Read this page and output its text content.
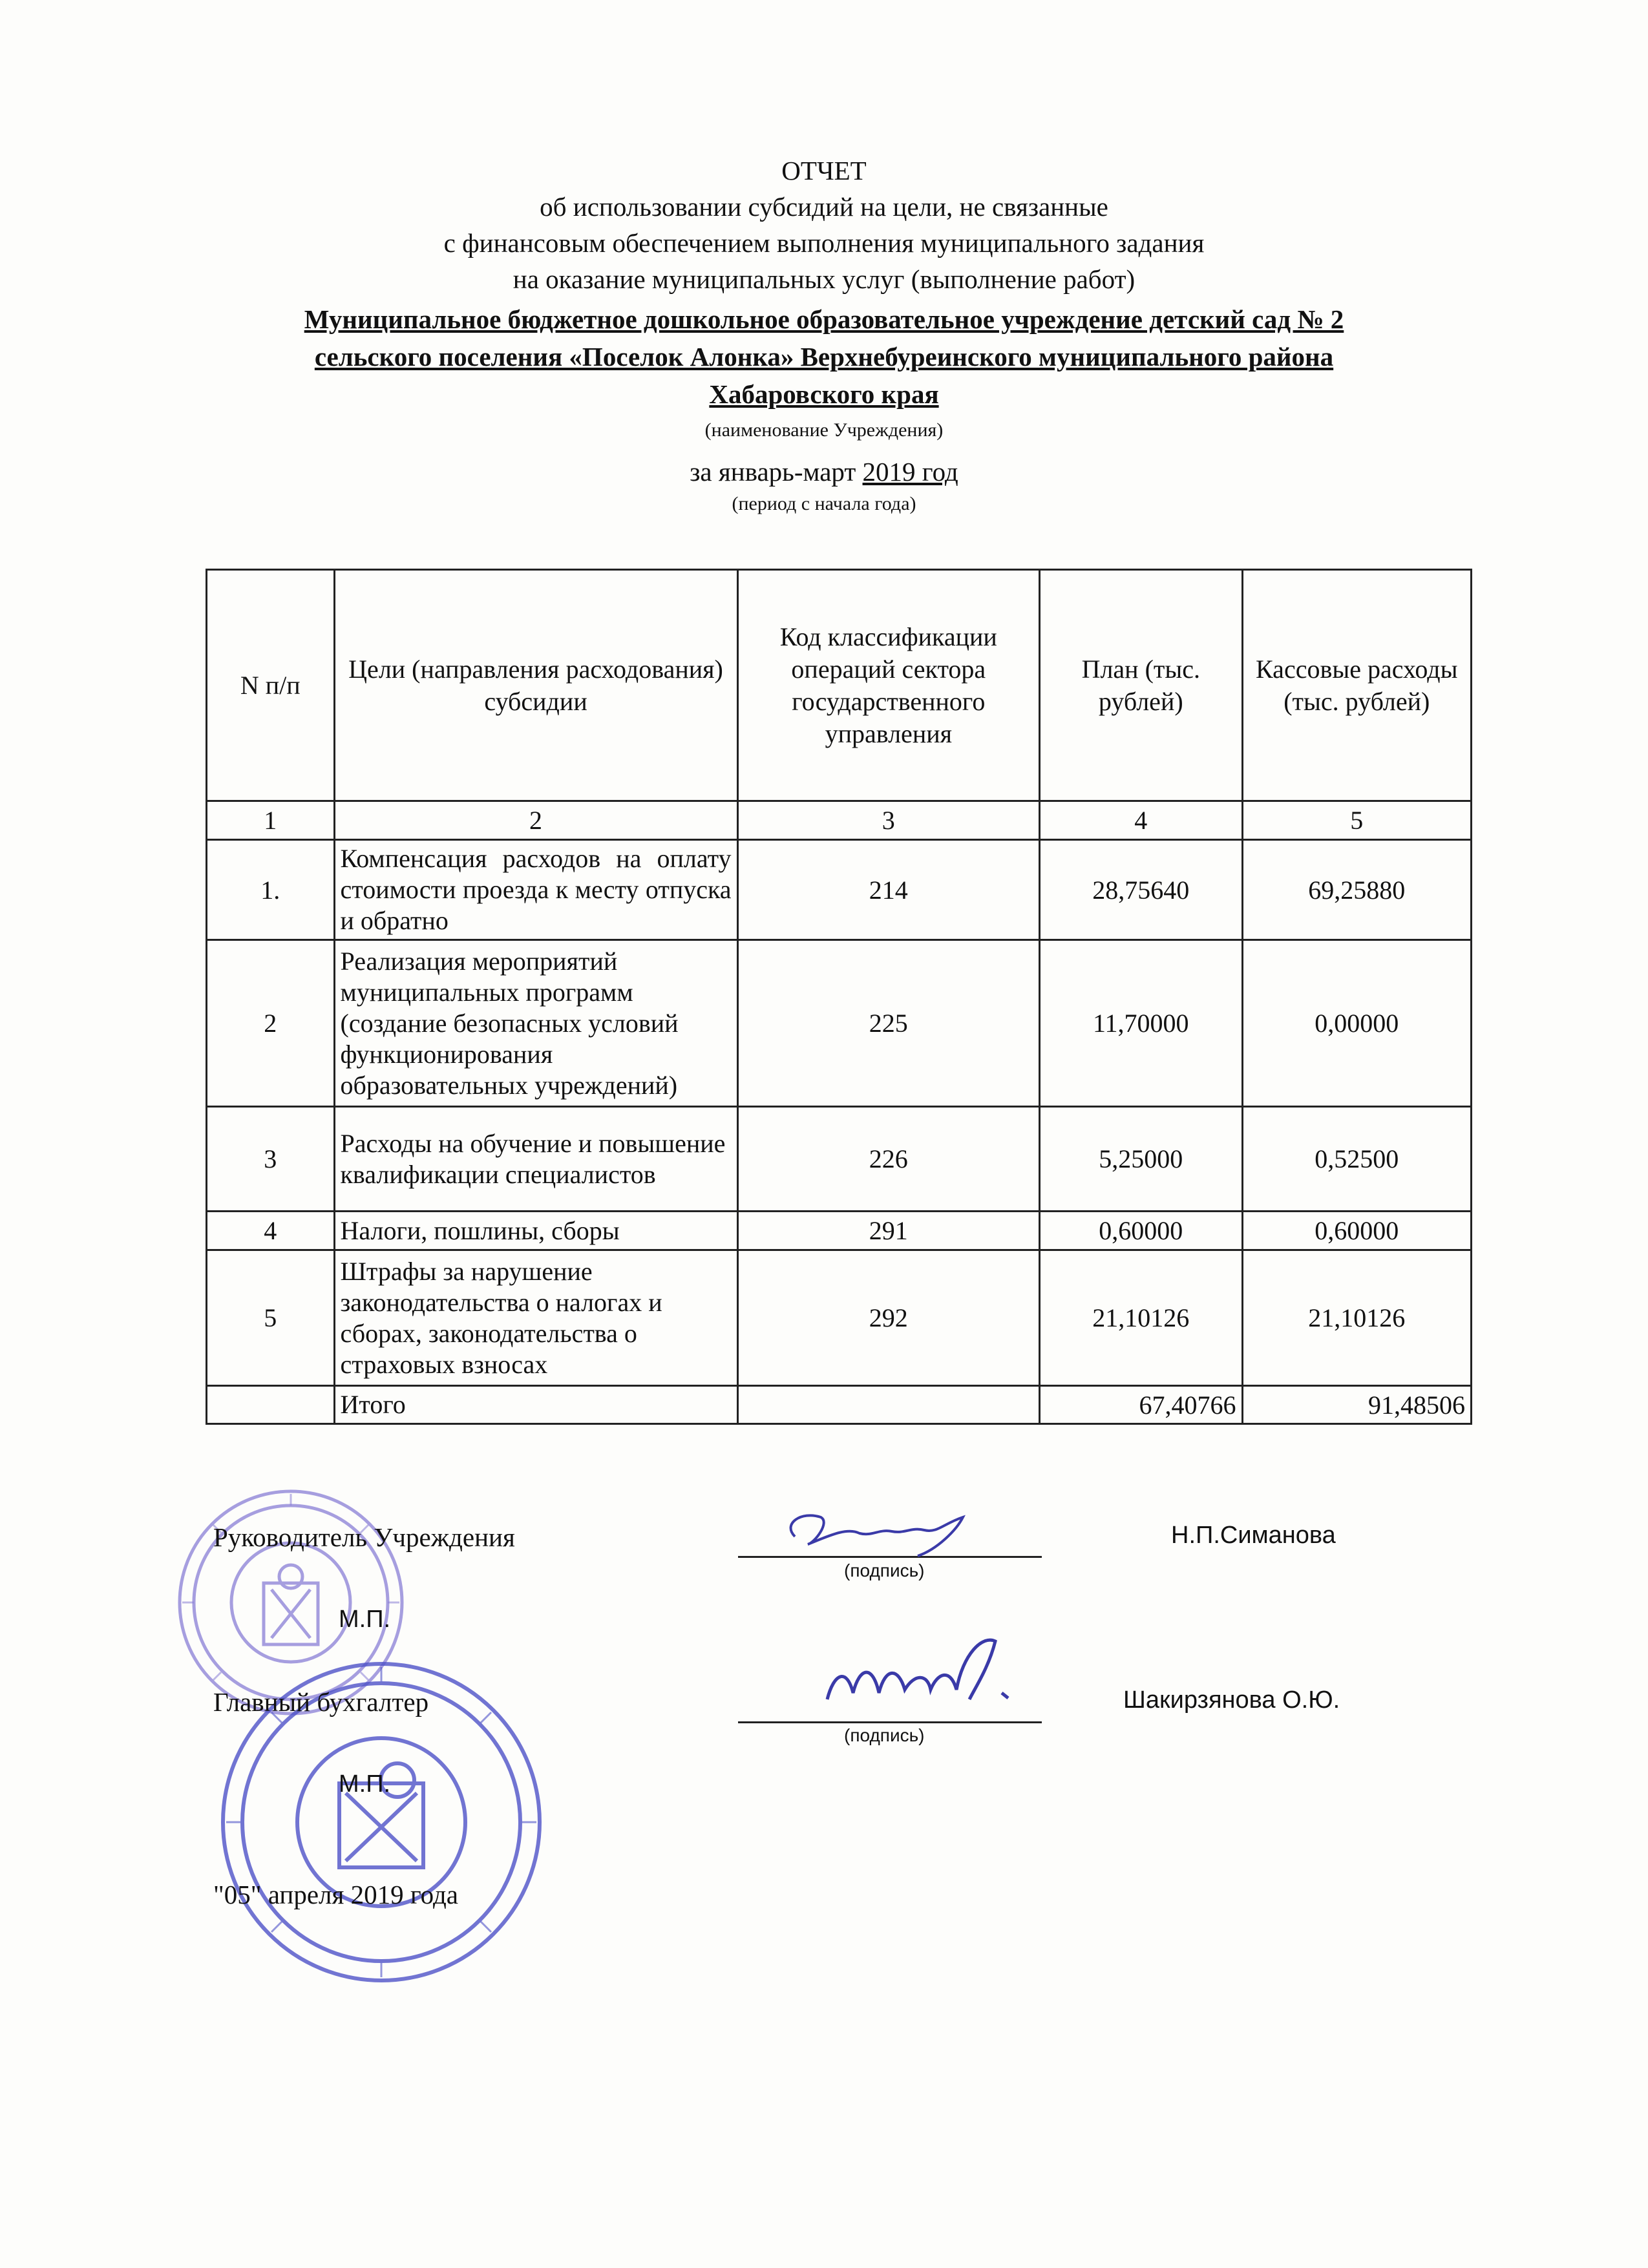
ОТЧЕТ
об использовании субсидий на цели, не связанные
с финансовым обеспечением выполнения муниципального задания
на оказание муниципальных услуг (выполнение работ)
Муниципальное бюджетное дошкольное образовательное учреждение детский сад № 2
сельского поселения «Поселок Алонка» Верхнебуреинского муниципального района
Хабаровского края
(наименование Учреждения)
за январь-март 2019 год
(период с начала года)
N п/п	Цели (направления расходования) субсидии	Код классификации операций сектора государственного управления	План (тыс. рублей)	Кассовые расходы (тыс. рублей)
1	2	3	4	5
1.	Компенсация расходов на оплату стоимости проезда к месту отпуска и обратно	214	28,75640	69,25880
2	Реализация мероприятий муниципальных программ (создание безопасных условий функционирования образовательных учреждений)	225	11,70000	0,00000
3	Расходы на обучение и повышение квалификации специалистов	226	5,25000	0,52500
4	Налоги, пошлины, сборы	291	0,60000	0,60000
5	Штрафы за нарушение законодательства о налогах и сборах, законодательства о страховых взносах	292	21,10126	21,10126
	Итого		67,40766	91,48506
Руководитель Учреждения
(подпись)
Н.П.Симанова
М.П.
Главный бухгалтер
(подпись)
Шакирзянова О.Ю.
М.П.
"05" апреля 2019 года
